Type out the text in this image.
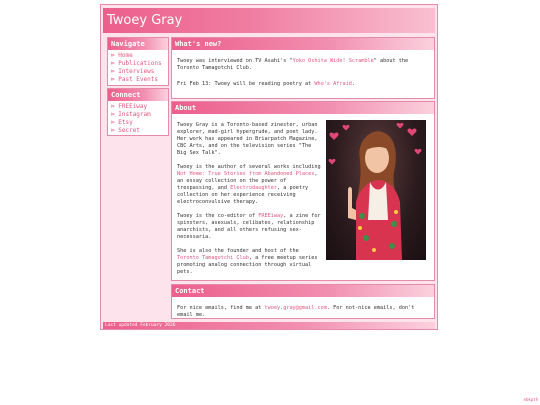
Twoey Gray
Navigate
⊳ Home
⊳ Publications
⊳ Interviews
⊳ Past Events
Connect
⊳ FREEiway
⊳ Instagram
⊳ Etsy
⊳ Secret
What's new?

Twoey was interviewed on TV Asahi's "Yoko Oshita Wide! Scramble" about the Toronto Tamagotchi Club.

Fri Feb 13: Twoey will be reading poetry at Who's Afraid.

About

Twoey Gray is a Toronto-based zinester, urban explorer, mad-girl hypergrude, and poet lady. Her work has appeared in Briarpatch Magazine, CBC Arts, and on the television series "The Big Sex Talk".

Twoey is the author of several works including Not Home: True Stories from Abandoned Places, an essay collection on the power of trespassing, and Electrodaughter, a poetry collection on her experience receiving electroconvulsive therapy.

Twoey is the co-editor of FREEiway, a zine for spinsters, asexuals, celibates, relationship anarchists, and all others refusing sex-necessaria.

She is also the founder and host of the Toronto Tamagotchi Club, a free meetup series promoting analog connection through virtual pets.

Contact
For nice emails, find me at twoey.gray@gmail.com. For not-nice emails, don't email me.
Last updated February 2026
ebkpth
